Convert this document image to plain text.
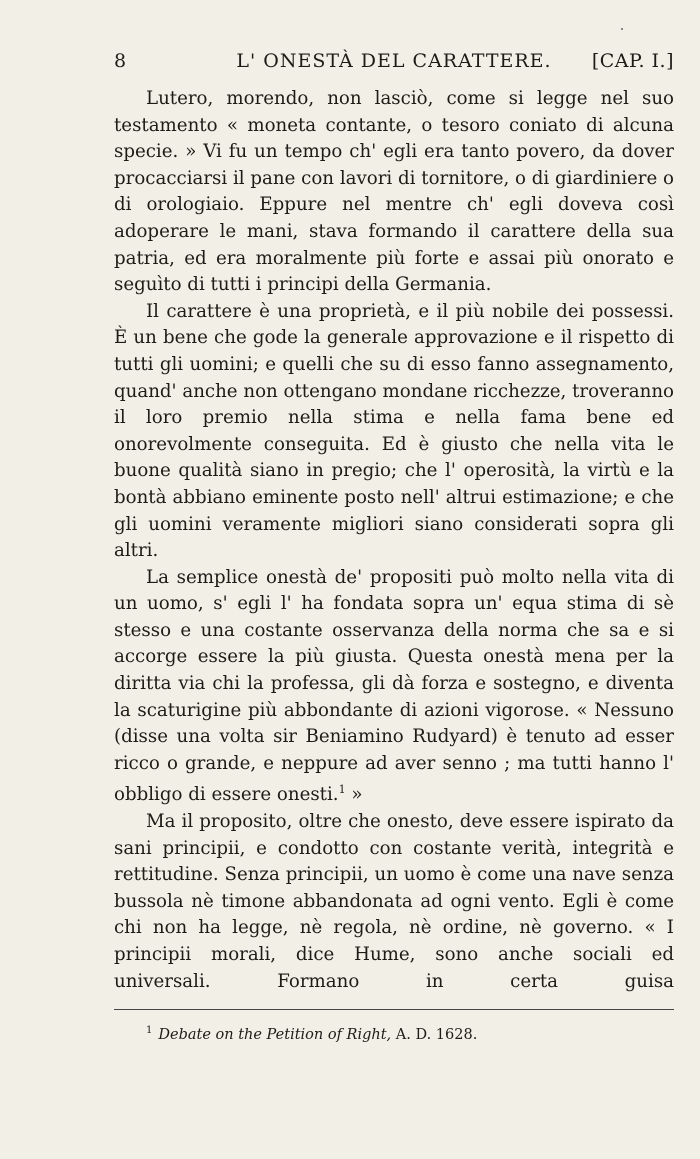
8	L' ONESTÀ DEL CARATTERE.	[CAP. I.]

Lutero, morendo, non lasciò, come si legge nel suo testamento « moneta contante, o tesoro coniato di alcuna specie. » Vi fu un tempo ch' egli era tanto povero, da dover procacciarsi il pane con lavori di tornitore, o di giardiniere o di orologiaio. Eppure nel mentre ch' egli doveva così adoperare le mani, stava formando il carattere della sua patria, ed era moralmente più forte e assai più onorato e seguìto di tutti i principi della Germania.

Il carattere è una proprietà, e il più nobile dei possessi. È un bene che gode la generale approvazione e il rispetto di tutti gli uomini; e quelli che su di esso fanno assegnamento, quand' anche non ottengano mondane ricchezze, troveranno il loro premio nella stima e nella fama bene ed onorevolmente conseguita. Ed è giusto che nella vita le buone qualità siano in pregio; che l' operosità, la virtù e la bontà abbiano eminente posto nell' altrui estimazione; e che gli uomini veramente migliori siano considerati sopra gli altri.

La semplice onestà de' propositi può molto nella vita di un uomo, s' egli l' ha fondata sopra un' equa stima di sè stesso e una costante osservanza della norma che sa e si accorge essere la più giusta. Questa onestà mena per la diritta via chi la professa, gli dà forza e sostegno, e diventa la scaturigine più abbondante di azioni vigorose. « Nessuno (disse una volta sir Beniamino Rudyard) è tenuto ad esser ricco o grande, e neppure ad aver senno ; ma tutti hanno l' obbligo di essere onesti.$^1$ »

Ma il proposito, oltre che onesto, deve essere ispirato da sani principii, e condotto con costante verità, integrità e rettitudine. Senza principii, un uomo è come una nave senza bussola nè timone abbandonata ad ogni vento. Egli è come chi non ha legge, nè regola, nè ordine, nè governo. « I principii morali, dice Hume, sono anche sociali ed universali. Formano in certa guisa

$^1$ Debate on the Petition of Right, A. D. 1628.
